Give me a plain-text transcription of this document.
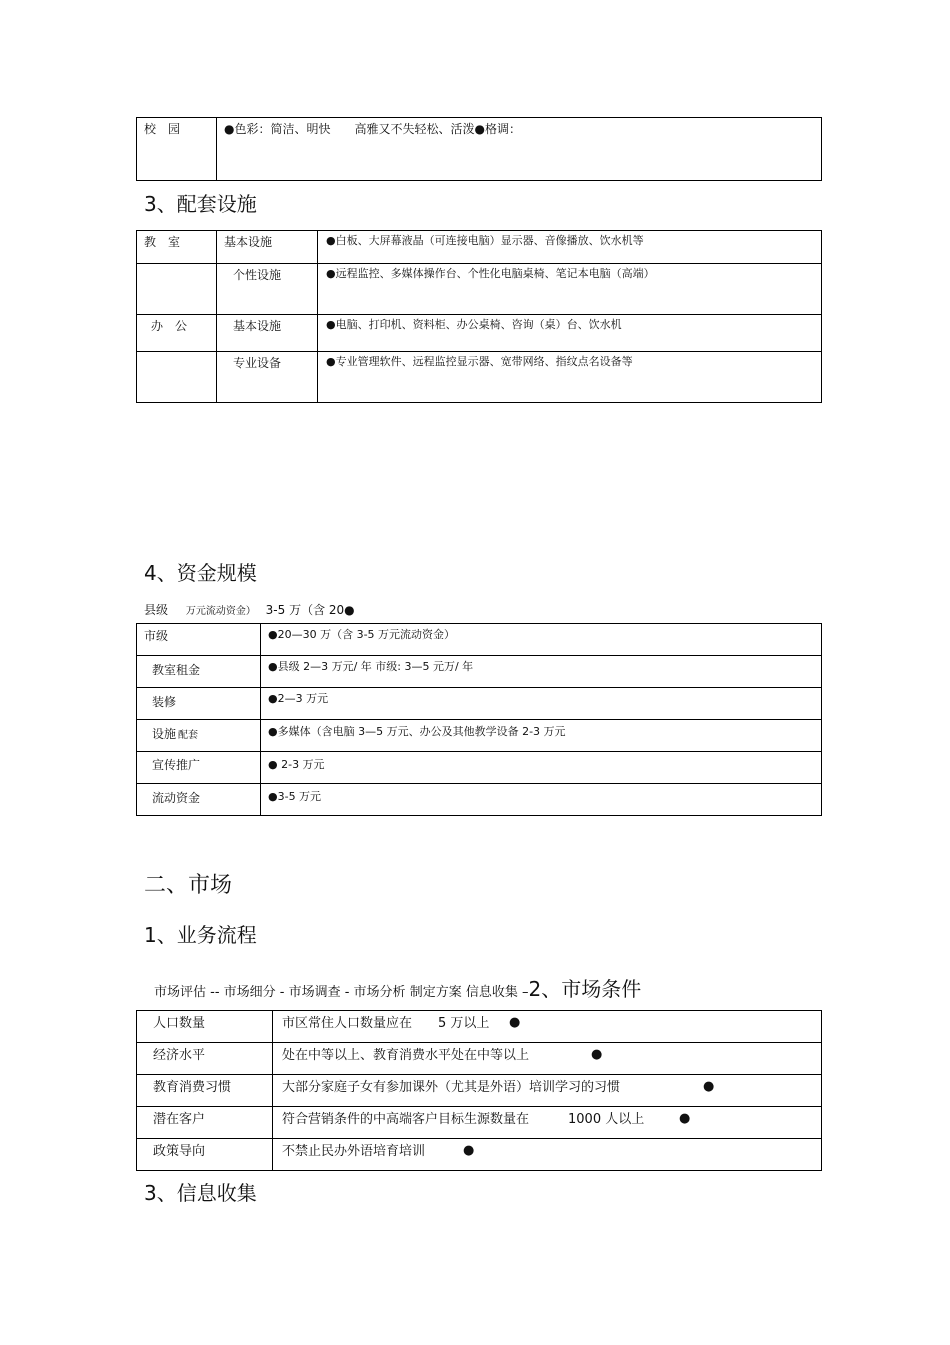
校　园	●色彩：简洁、明快　　高雅又不失轻松、活泼●格调：
3、配套设施
教　室	基本设施	●白板、大屏幕液晶（可连接电脑）显示器、音像播放、饮水机等

	个性设施	●远程监控、多媒体操作台、个性化电脑桌椅、笔记本电脑（高端）

办　公	基本设施	●电脑、打印机、资料柜、办公桌椅、咨询（桌）台、饮水机

	专业设备	●专业管理软件、远程监控显示器、宽带网络、指纹点名设备等
4、资金规模
县级 万元流动资金） 3-5 万（含 20●
市级	●20—30 万（含 3-5 万元流动资金）

教室租金	●县级 2—3 万元/ 年 市级: 3—5 元万/ 年

装修	●2—3 万元

设施 配套	●多媒体（含电脑 3—5 万元、办公及其他教学设备 2-3 万元

宣传推广	● 2-3 万元

流动资金	●3-5 万元
二、市场
1、业务流程
市场评估 -- 市场细分 - 市场调查 - 市场分析 制定方案 信息收集 –2、市场条件
人口数量	市区常住人口数量应在　　5 万以上 ●

经济水平	处在中等以上、教育消费水平处在中等以上 ●

教育消费习惯	大部分家庭子女有参加课外（尤其是外语）培训学习的习惯 ●

潜在客户	符合营销条件的中高端客户目标生源数量在　　　1000 人以上 ●

政策导向	不禁止民办外语培育培训 ●
3、信息收集
